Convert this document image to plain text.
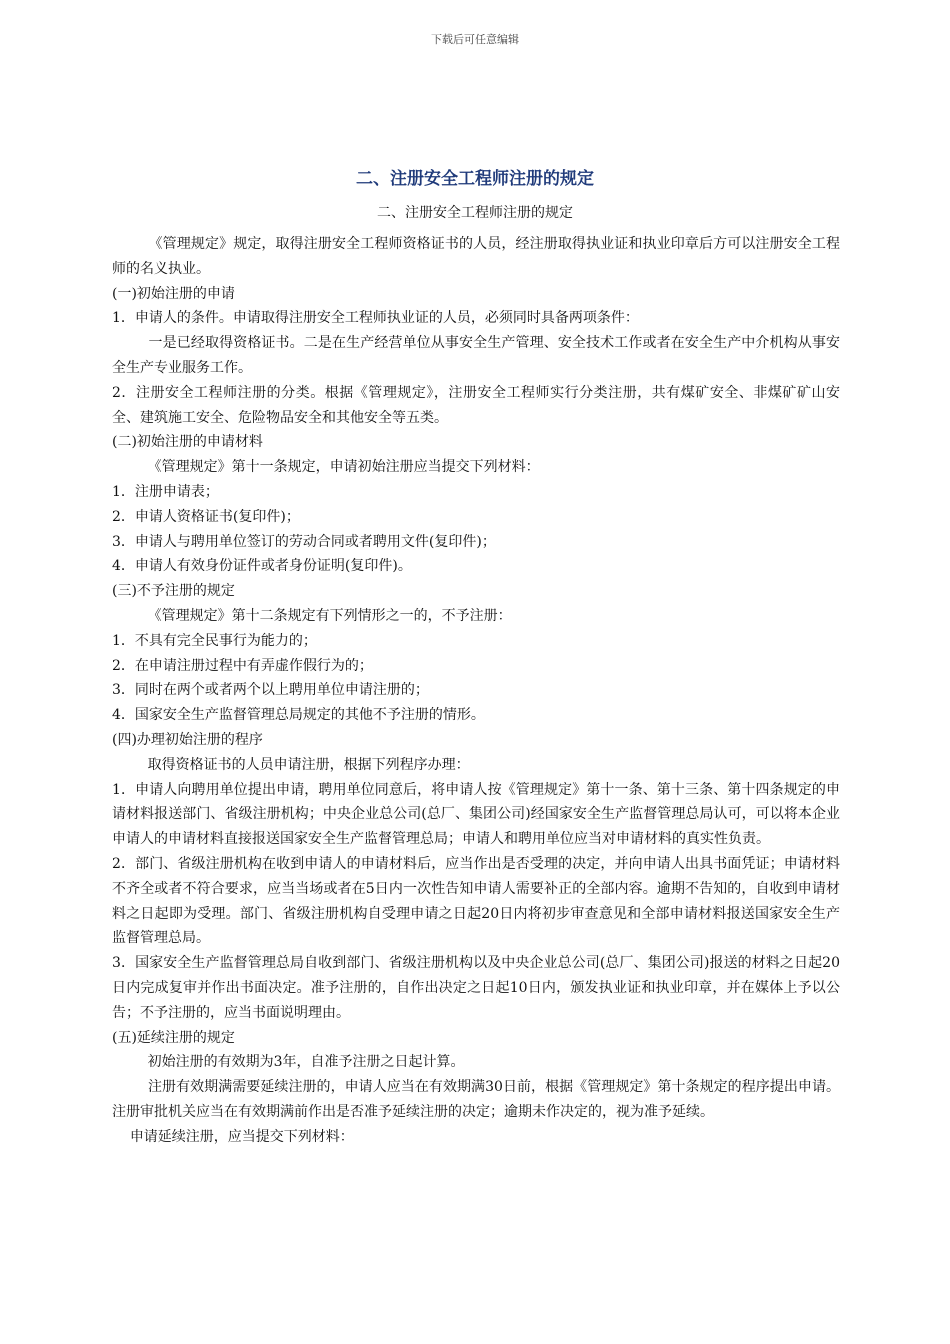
下载后可任意编辑
二、注册安全工程师注册的规定
二、注册安全工程师注册的规定

《管理规定》规定，取得注册安全工程师资格证书的人员，经注册取得执业证和执业印章后方可以注册安全工程师的名义执业。

(一)初始注册的申请

1．申请人的条件。申请取得注册安全工程师执业证的人员，必须同时具备两项条件：

一是已经取得资格证书。二是在生产经营单位从事安全生产管理、安全技术工作或者在安全生产中介机构从事安全生产专业服务工作。

2．注册安全工程师注册的分类。根据《管理规定》，注册安全工程师实行分类注册，共有煤矿安全、非煤矿矿山安全、建筑施工安全、危险物品安全和其他安全等五类。

(二)初始注册的申请材料

《管理规定》第十一条规定，申请初始注册应当提交下列材料：

1．注册申请表；

2．申请人资格证书(复印件)；

3．申请人与聘用单位签订的劳动合同或者聘用文件(复印件)；

4．申请人有效身份证件或者身份证明(复印件)。

(三)不予注册的规定

《管理规定》第十二条规定有下列情形之一的，不予注册：

1．不具有完全民事行为能力的；

2．在申请注册过程中有弄虚作假行为的；

3．同时在两个或者两个以上聘用单位申请注册的；

4．国家安全生产监督管理总局规定的其他不予注册的情形。

(四)办理初始注册的程序

取得资格证书的人员申请注册，根据下列程序办理：

1．申请人向聘用单位提出申请，聘用单位同意后，将申请人按《管理规定》第十一条、第十三条、第十四条规定的申请材料报送部门、省级注册机构；中央企业总公司(总厂、集团公司)经国家安全生产监督管理总局认可，可以将本企业申请人的申请材料直接报送国家安全生产监督管理总局；申请人和聘用单位应当对申请材料的真实性负责。

2．部门、省级注册机构在收到申请人的申请材料后，应当作出是否受理的决定，并向申请人出具书面凭证；申请材料不齐全或者不符合要求，应当当场或者在5日内一次性告知申请人需要补正的全部内容。逾期不告知的，自收到申请材料之日起即为受理。部门、省级注册机构自受理申请之日起20日内将初步审查意见和全部申请材料报送国家安全生产监督管理总局。

3．国家安全生产监督管理总局自收到部门、省级注册机构以及中央企业总公司(总厂、集团公司)报送的材料之日起20日内完成复审并作出书面决定。准予注册的，自作出决定之日起10日内，颁发执业证和执业印章，并在媒体上予以公告；不予注册的，应当书面说明理由。

(五)延续注册的规定

初始注册的有效期为3年，自准予注册之日起计算。

注册有效期满需要延续注册的，申请人应当在有效期满30日前，根据《管理规定》第十条规定的程序提出申请。注册审批机关应当在有效期满前作出是否准予延续注册的决定；逾期未作决定的，视为准予延续。

申请延续注册，应当提交下列材料：
